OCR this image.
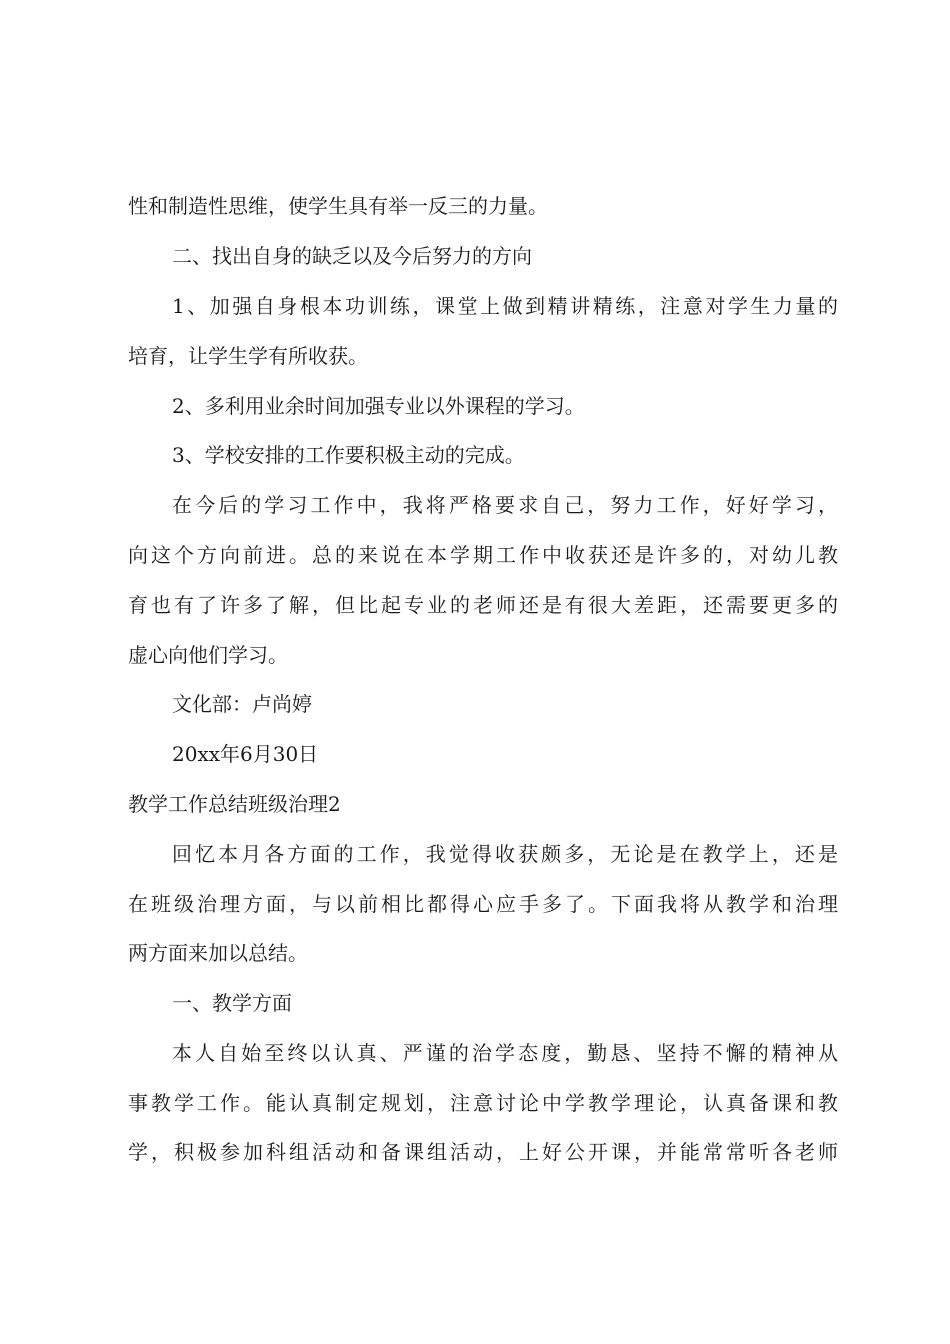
性和制造性思维，使学生具有举一反三的力量。
二、找出自身的缺乏以及今后努力的方向
1、加强自身根本功训练，课堂上做到精讲精练，注意对学生力量的
培育，让学生学有所收获。
2、多利用业余时间加强专业以外课程的学习。
3、学校安排的工作要积极主动的完成。
在今后的学习工作中，我将严格要求自己，努力工作，好好学习，
向这个方向前进。总的来说在本学期工作中收获还是许多的，对幼儿教
育也有了许多了解，但比起专业的老师还是有很大差距，还需要更多的
虚心向他们学习。
文化部：卢尚婷
20xx年6月30日
教学工作总结班级治理2
回忆本月各方面的工作，我觉得收获颇多，无论是在教学上，还是
在班级治理方面，与以前相比都得心应手多了。下面我将从教学和治理
两方面来加以总结。
一、教学方面
本人自始至终以认真、严谨的治学态度，勤恳、坚持不懈的精神从
事教学工作。能认真制定规划，注意讨论中学教学理论，认真备课和教
学，积极参加科组活动和备课组活动，上好公开课，并能常常听各老师
